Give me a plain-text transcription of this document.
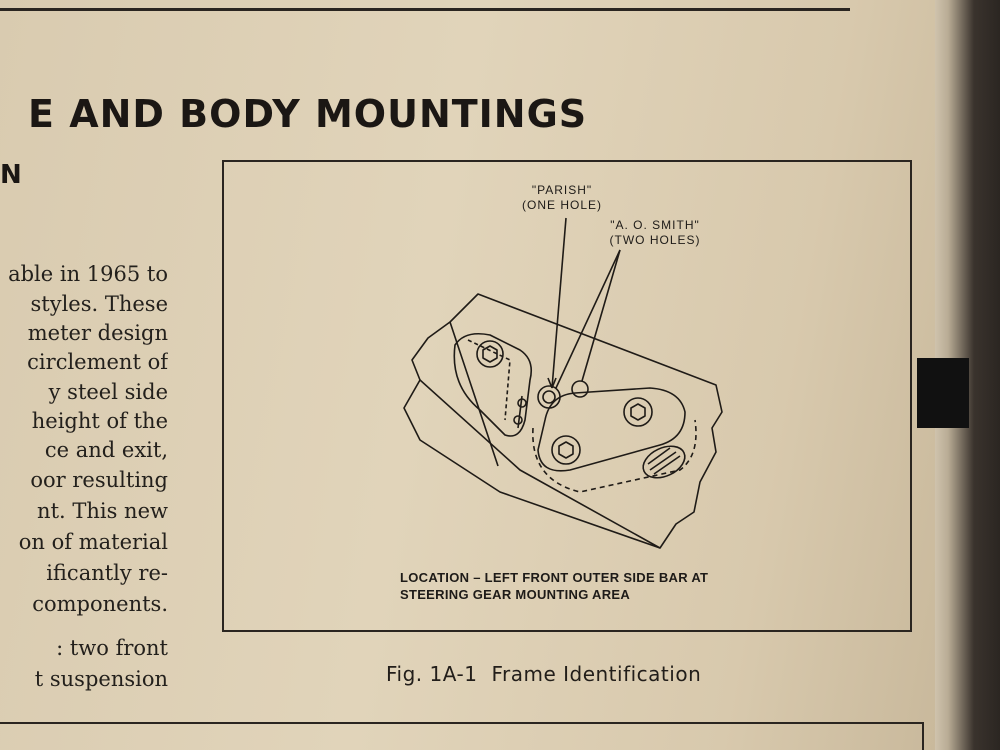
E AND BODY MOUNTINGS
N
able in 1965 to
styles. These
meter design
circlement of
y steel side
height of the
ce and exit,
oor resulting
nt. This new
on of material
ificantly re-
components.
: two front
t suspension
"PARISH"
(ONE HOLE)
"A. O. SMITH"
(TWO HOLES)
LOCATION – LEFT FRONT OUTER SIDE BAR AT
STEERING GEAR MOUNTING AREA
Fig. 1A-1 Frame Identification
